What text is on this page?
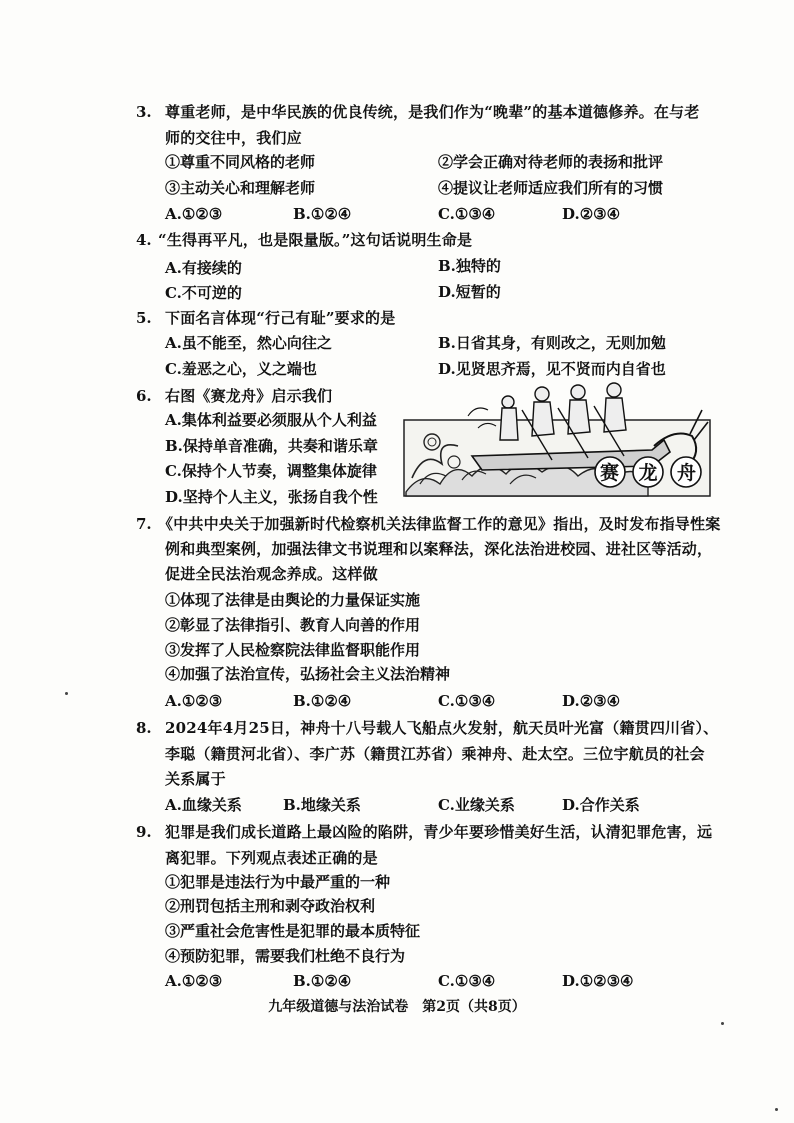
3. 尊重老师，是中华民族的优良传统，是我们作为“晚辈”的基本道德修养。在与老
师的交往中，我们应
①尊重不同风格的老师	②学会正确对待老师的表扬和批评
③主动关心和理解老师	④提议让老师适应我们所有的习惯
A.①②③	B.①②④	C.①③④	D.②③④
4. “生得再平凡，也是限量版。”这句话说明生命是
A.有接续的	B.独特的
C.不可逆的	D.短暂的
5. 下面名言体现“行己有耻”要求的是
A.虽不能至，然心向往之	B.日省其身，有则改之，无则加勉
C.羞恶之心，义之端也	D.见贤思齐焉，见不贤而内自省也
6. 右图《赛龙舟》启示我们
A.集体利益要必须服从个人利益
B.保持单音准确，共奏和谐乐章
C.保持个人节奏，调整集体旋律
D.坚持个人主义，张扬自我个性
赛龙舟
7. 《中共中央关于加强新时代检察机关法律监督工作的意见》指出，及时发布指导性案
例和典型案例，加强法律文书说理和以案释法，深化法治进校园、进社区等活动，
促进全民法治观念养成。这样做
①体现了法律是由舆论的力量保证实施
②彰显了法律指引、教育人向善的作用
③发挥了人民检察院法律监督职能作用
④加强了法治宣传，弘扬社会主义法治精神
A.①②③	B.①②④	C.①③④	D.②③④
8. 2024年4月25日，神舟十八号载人飞船点火发射，航天员叶光富（籍贯四川省）、
李聪（籍贯河北省）、李广苏（籍贯江苏省）乘神舟、赴太空。三位宇航员的社会
关系属于
A.血缘关系	B.地缘关系	C.业缘关系	D.合作关系
9. 犯罪是我们成长道路上最凶险的陷阱，青少年要珍惜美好生活，认清犯罪危害，远
离犯罪。下列观点表述正确的是
①犯罪是违法行为中最严重的一种
②刑罚包括主刑和剥夺政治权利
③严重社会危害性是犯罪的最本质特征
④预防犯罪，需要我们杜绝不良行为
A.①②③	B.①②④	C.①③④	D.①②③④
九年级道德与法治试卷　第2页（共8页）
